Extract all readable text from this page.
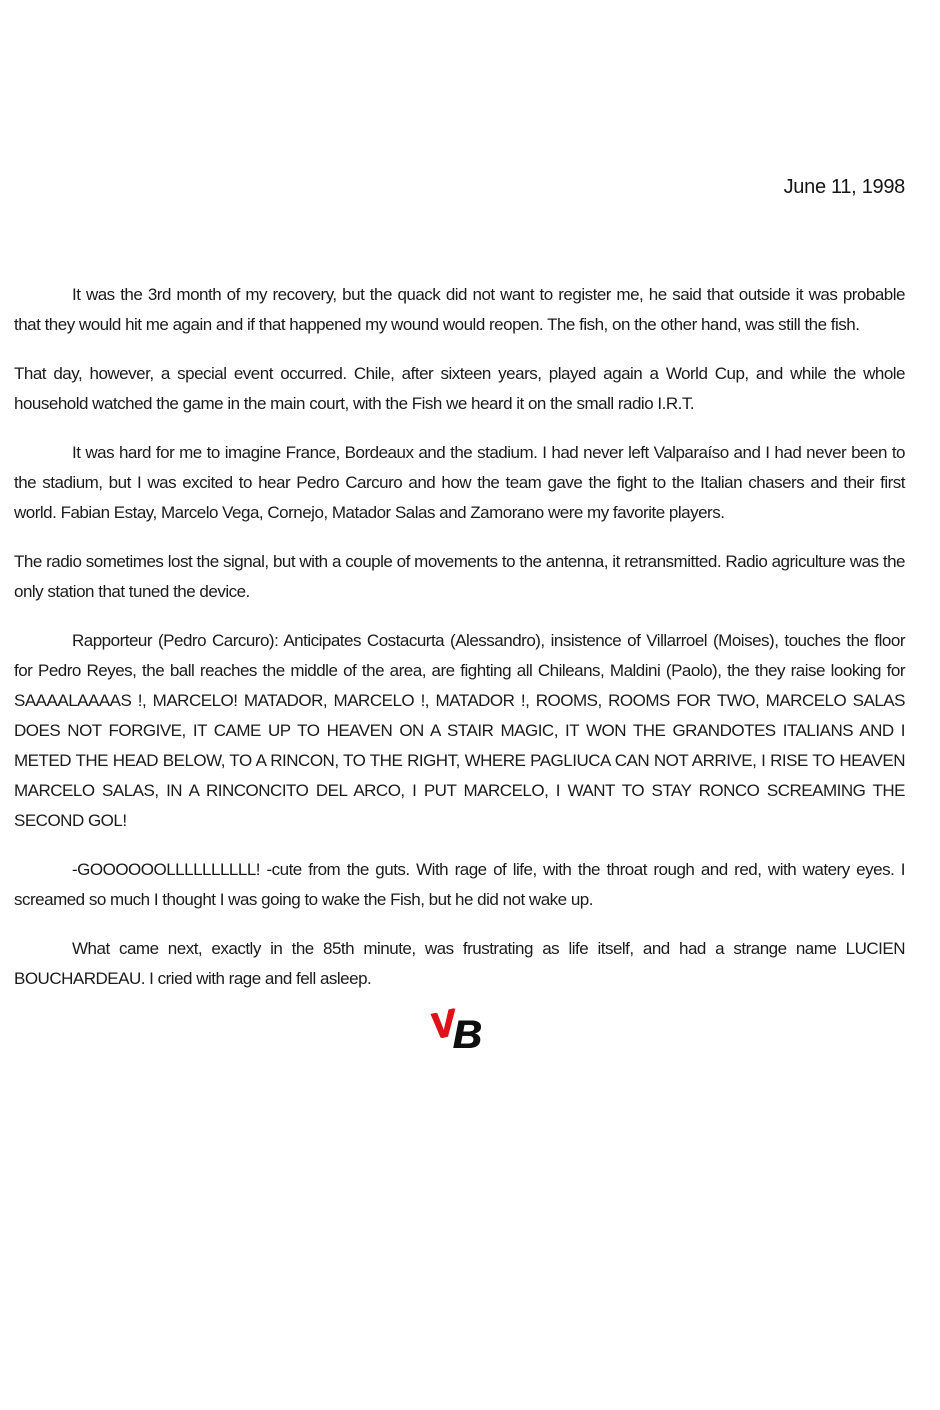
June 11, 1998

It was the 3rd month of my recovery, but the quack did not want to register me, he said that outside it was probable that they would hit me again and if that happened my wound would reopen. The fish, on the other hand, was still the fish.

That day, however, a special event occurred. Chile, after sixteen years, played again a World Cup, and while the whole household watched the game in the main court, with the Fish we heard it on the small radio I.R.T.

It was hard for me to imagine France, Bordeaux and the stadium. I had never left Valparaíso and I had never been to the stadium, but I was excited to hear Pedro Carcuro and how the team gave the fight to the Italian chasers and their first world. Fabian Estay, Marcelo Vega, Cornejo, Matador Salas and Zamorano were my favorite players.

The radio sometimes lost the signal, but with a couple of movements to the antenna, it retransmitted. Radio agriculture was the only station that tuned the device.

Rapporteur (Pedro Carcuro): Anticipates Costacurta (Alessandro), insistence of Villarroel (Moises), touches the floor for Pedro Reyes, the ball reaches the middle of the area, are fighting all Chileans, Maldini (Paolo), the they raise looking for SAAAALAAAAS !, MARCELO! MATADOR, MARCELO !, MATADOR !, ROOMS, ROOMS FOR TWO, MARCELO SALAS DOES NOT FORGIVE, IT CAME UP TO HEAVEN ON A STAIR MAGIC, IT WON THE GRANDOTES ITALIANS AND I METED THE HEAD BELOW, TO A RINCON, TO THE RIGHT, WHERE PAGLIUCA CAN NOT ARRIVE, I RISE TO HEAVEN MARCELO SALAS, IN A RINCONCITO DEL ARCO, I PUT MARCELO, I WANT TO STAY RONCO SCREAMING THE SECOND GOL!

-GOOOOOOLLLLLLLLLL! -cute from the guts. With rage of life, with the throat rough and red, with watery eyes. I screamed so much I thought I was going to wake the Fish, but he did not wake up.

What came next, exactly in the 85th minute, was frustrating as life itself, and had a strange name LUCIEN BOUCHARDEAU. I cried with rage and fell asleep.

B
V
